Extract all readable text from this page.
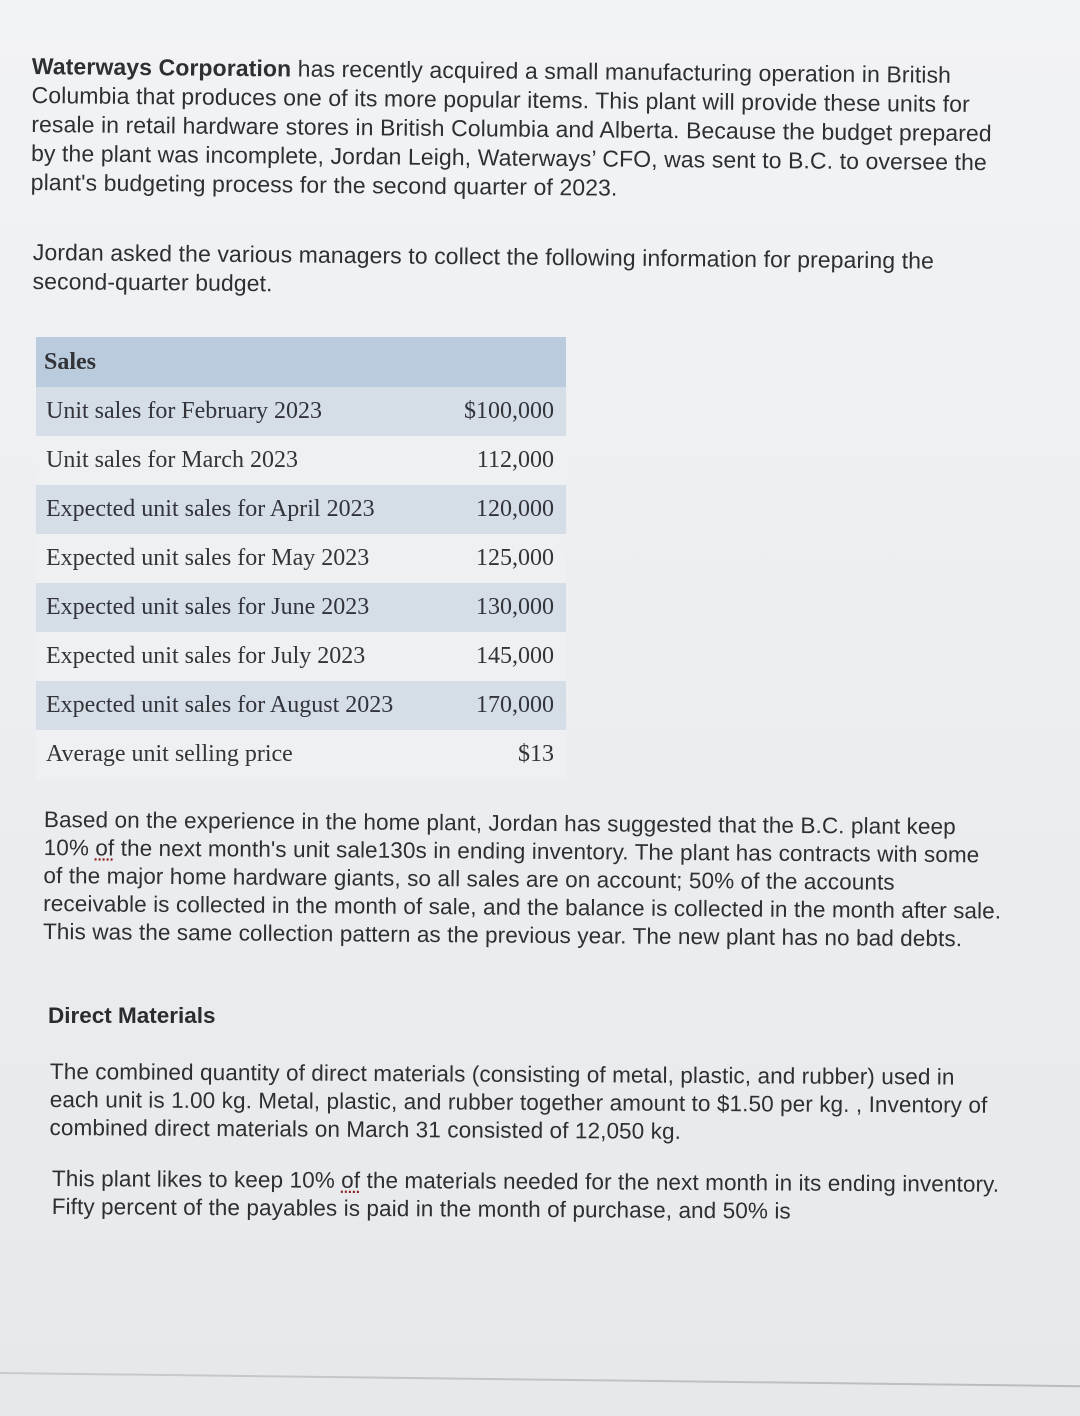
Waterways Corporation has recently acquired a small manufacturing operation in British Columbia that produces one of its more popular items. This plant will provide these units for resale in retail hardware stores in British Columbia and Alberta. Because the budget prepared by the plant was incomplete, Jordan Leigh, Waterways’ CFO, was sent to B.C. to oversee the plant's budgeting process for the second quarter of 2023.

Jordan asked the various managers to collect the following information for preparing the second-quarter budget.

Sales	
Unit sales for February 2023	$100,000
Unit sales for March 2023	112,000
Expected unit sales for April 2023	120,000
Expected unit sales for May 2023	125,000
Expected unit sales for June 2023	130,000
Expected unit sales for July 2023	145,000
Expected unit sales for August 2023	170,000
Average unit selling price	$13

Based on the experience in the home plant, Jordan has suggested that the B.C. plant keep 10% of the next month's unit sale130s in ending inventory. The plant has contracts with some of the major home hardware giants, so all sales are on account; 50% of the accounts receivable is collected in the month of sale, and the balance is collected in the month after sale. This was the same collection pattern as the previous year. The new plant has no bad debts.

Direct Materials

The combined quantity of direct materials (consisting of metal, plastic, and rubber) used in each unit is 1.00 kg. Metal, plastic, and rubber together amount to $1.50 per kg. , Inventory of combined direct materials on March 31 consisted of 12,050 kg.

This plant likes to keep 10% of the materials needed for the next month in its ending inventory. Fifty percent of the payables is paid in the month of purchase, and 50% is
